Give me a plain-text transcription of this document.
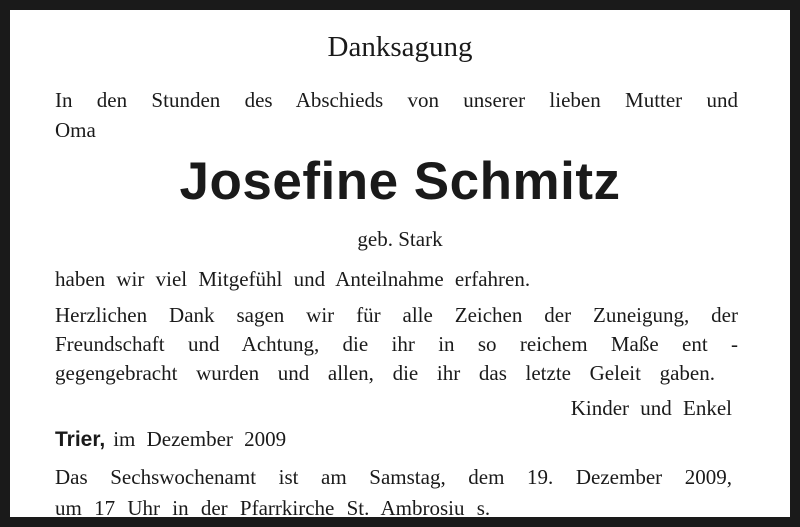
Danksagung
In den Stunden des Abschieds von unserer lieben Mutter und
Oma
Josefine Schmitz
geb. Stark
haben wir viel Mitgefühl und Anteilnahme erfahren.
Herzlichen Dank sagen wir für alle Zeichen der Zuneigung, der
Freundschaft und Achtung, die ihr in so reichem Maße ent -
gegengebracht wurden und allen, die ihr das letzte Geleit gaben.
Kinder und Enkel
Trier, im Dezember 2009
Das Sechswochenamt ist am Samstag, dem 19. Dezember 2009,
um 17 Uhr in der Pfarrkirche St. Ambrosiu s.
